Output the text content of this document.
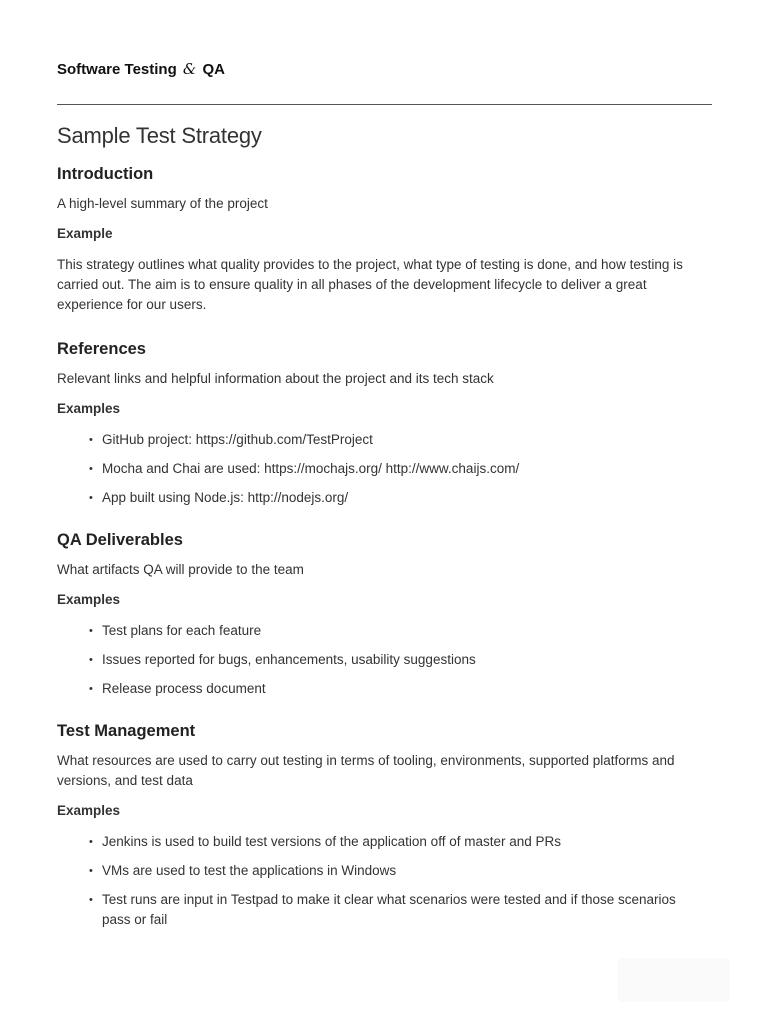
Software Testing & QA
Sample Test Strategy
Introduction

A high-level summary of the project

Example

This strategy outlines what quality provides to the project, what type of testing is done, and how testing is carried out. The aim is to ensure quality in all phases of the development lifecycle to deliver a great experience for our users.

References

Relevant links and helpful information about the project and its tech stack

Examples

• GitHub project: https://github.com/TestProject
• Mocha and Chai are used: https://mochajs.org/ http://www.chaijs.com/
• App built using Node.js: http://nodejs.org/
QA Deliverables

What artifacts QA will provide to the team

Examples

• Test plans for each feature
• Issues reported for bugs, enhancements, usability suggestions
• Release process document
Test Management

What resources are used to carry out testing in terms of tooling, environments, supported platforms and versions, and test data

Examples

• Jenkins is used to build test versions of the application off of master and PRs
• VMs are used to test the applications in Windows
• Test runs are input in Testpad to make it clear what scenarios were tested and if those scenarios pass or fail
